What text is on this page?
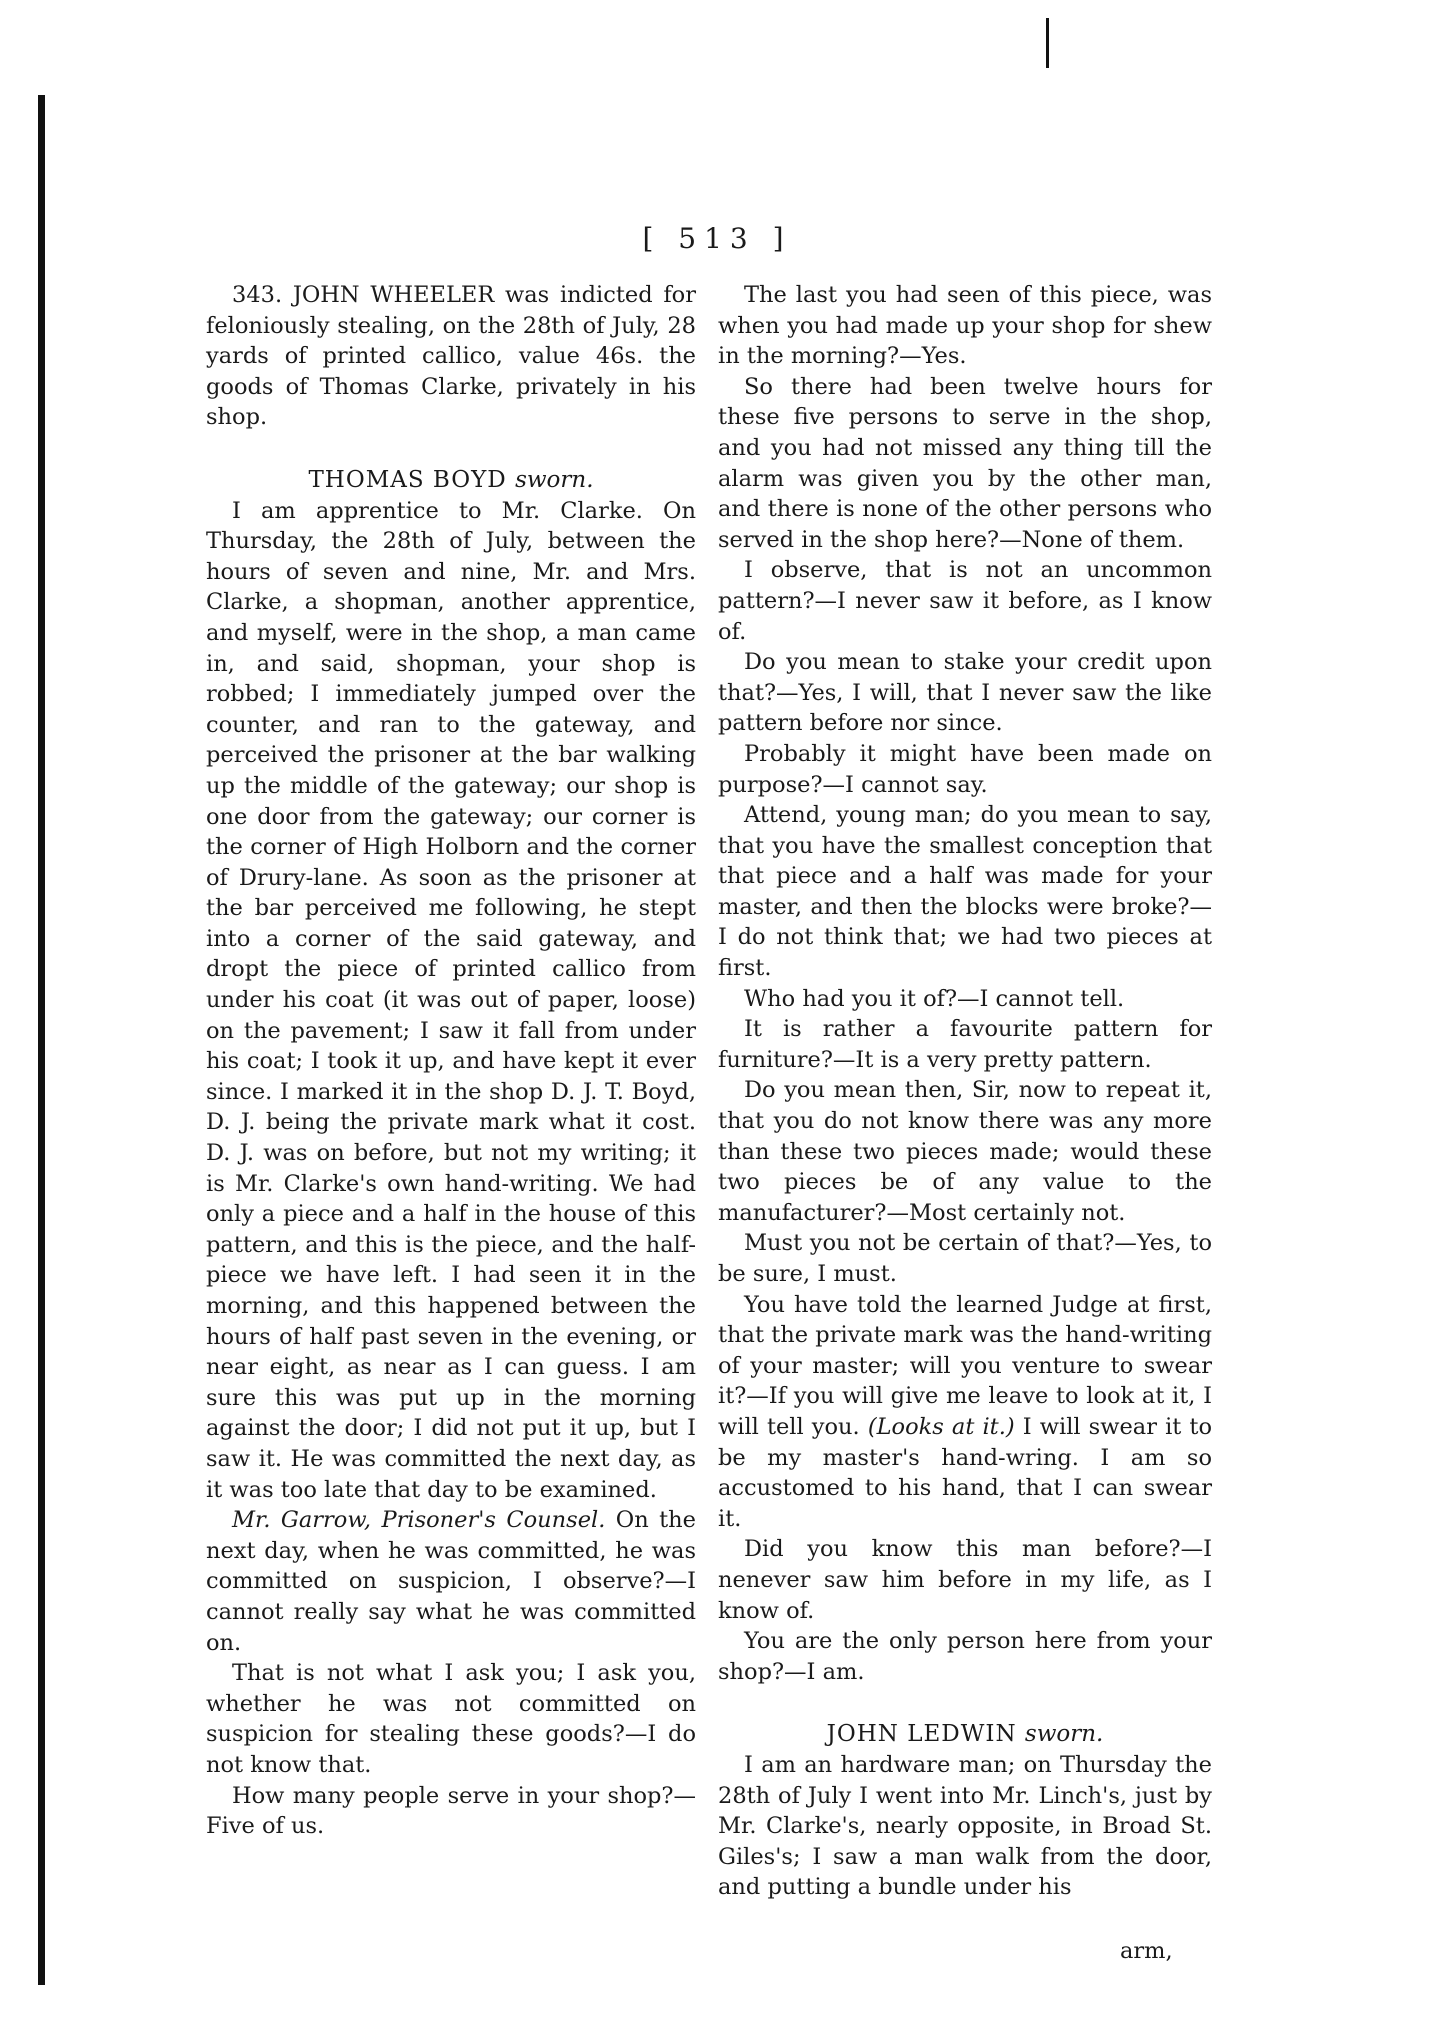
[ 513 ]

343. JOHN WHEELER was indicted for feloniously stealing, on the 28th of July, 28 yards of printed callico, value 46s. the goods of Thomas Clarke, privately in his shop.

THOMAS BOYD sworn.

I am apprentice to Mr. Clarke. On Thursday, the 28th of July, between the hours of seven and nine, Mr. and Mrs. Clarke, a shopman, another apprentice, and myself, were in the shop, a man came in, and said, shopman, your shop is robbed; I immediately jumped over the counter, and ran to the gateway, and perceived the prisoner at the bar walking up the middle of the gateway; our shop is one door from the gateway; our corner is the corner of High Holborn and the corner of Drury-lane. As soon as the prisoner at the bar perceived me following, he stept into a corner of the said gateway, and dropt the piece of printed callico from under his coat (it was out of paper, loose) on the pavement; I saw it fall from under his coat; I took it up, and have kept it ever since. I marked it in the shop D. J. T. Boyd, D. J. being the private mark what it cost. D. J. was on before, but not my writing; it is Mr. Clarke's own hand-writing. We had only a piece and a half in the house of this pattern, and this is the piece, and the half-piece we have left. I had seen it in the morning, and this happened between the hours of half past seven in the evening, or near eight, as near as I can guess. I am sure this was put up in the morning against the door; I did not put it up, but I saw it. He was committed the next day, as it was too late that day to be examined.

Mr. Garrow, Prisoner's Counsel. On the next day, when he was committed, he was committed on suspicion, I observe?—I cannot really say what he was committed on.

That is not what I ask you; I ask you, whether he was not committed on suspicion for stealing these goods?—I do not know that.

How many people serve in your shop?—Five of us.

The last you had seen of this piece, was when you had made up your shop for shew in the morning?—Yes.

So there had been twelve hours for these five persons to serve in the shop, and you had not missed any thing till the alarm was given you by the other man, and there is none of the other persons who served in the shop here?—None of them.

I observe, that is not an uncommon pattern?—I never saw it before, as I know of.

Do you mean to stake your credit upon that?—Yes, I will, that I never saw the like pattern before nor since.

Probably it might have been made on purpose?—I cannot say.

Attend, young man; do you mean to say, that you have the smallest conception that that piece and a half was made for your master, and then the blocks were broke?—I do not think that; we had two pieces at first.

Who had you it of?—I cannot tell.

It is rather a favourite pattern for furniture?—It is a very pretty pattern.

Do you mean then, Sir, now to repeat it, that you do not know there was any more than these two pieces made; would these two pieces be of any value to the manufacturer?—Most certainly not.

Must you not be certain of that?—Yes, to be sure, I must.

You have told the learned Judge at first, that the private mark was the hand-writing of your master; will you venture to swear it?—If you will give me leave to look at it, I will tell you. (Looks at it.) I will swear it to be my master's hand-wring. I am so accustomed to his hand, that I can swear it.

Did you know this man before?—I nenever saw him before in my life, as I know of.

You are the only person here from your shop?—I am.

JOHN LEDWIN sworn.

I am an hardware man; on Thursday the 28th of July I went into Mr. Linch's, just by Mr. Clarke's, nearly opposite, in Broad St. Giles's; I saw a man walk from the door, and putting a bundle under his

arm,
